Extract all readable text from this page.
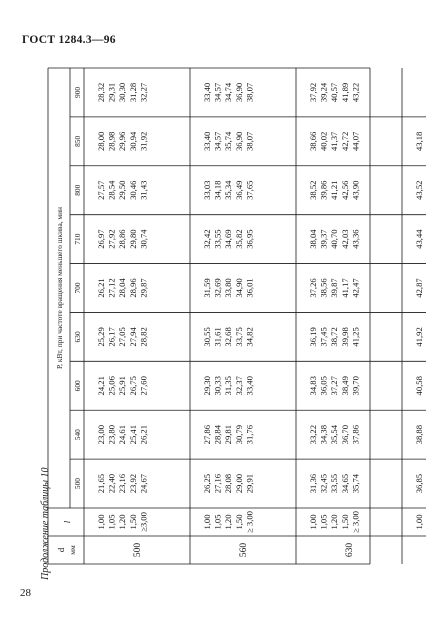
ГОСТ 1284.3—96
Продолжение таблицы 10
28
d мм
l
Р, кВт, при частоте вращения меньшего шкива, мин
500
540
600
630
700
710
800
850
900
500
1,00 1,05 1,20 1,50 ≥3,00
21,65 22,40 23,16 23,92 24,67
23,00 23,80 24,61 25,41 26,21
24,21 25,06 25,91 26,75 27,60
25,29 26,17 27,05 27,94 28,82
26,21 27,12 28,04 28,96 29,87
26,97 27,92 28,86 29,80 30,74
27,57 28,54 29,50 30,46 31,43
28,00 28,98 29,96 30,94 31,92
28,32 29,31 30,30 31,28 32,27
560
1,00 1,05 1,20 1,50 ≥ 3,00
26,25 27,16 28,08 29,00 29,91
27,86 28,84 29,81 30,79 31,76
29,30 30,33 31,35 32,37 33,40
30,55 31,61 32,68 33,75 34,82
31,59 32,69 33,80 34,90 36,01
32,42 33,55 34,69 35,82 36,95
33,03 34,18 35,34 36,49 37,65
33,40 34,57 35,74 36,90 38,07
33,40 34,57 34,74 36,90 38,07
630
1,00 1,05 1,20 1,50 ≥ 3,00
31,36 32,45 33,55 34,65 35,74
33,22 34,38 35,54 36,70 37,86
34,83 36,05 37,27 38,49 39,70
36,19 37,45 38,72 39,98 41,25
37,26 38,56 39,87 41,17 42,47
38,04 39,37 40,70 42,03 43,36
38,52 39,86 41,21 42,56 43,90
38,66 40,02 41,37 42,72 44,07
37,92 39,24 40,57 41,89 43,22
1,00
36,85
38,88
40,58
41,92
42,87
43,44
43,52
43,18
